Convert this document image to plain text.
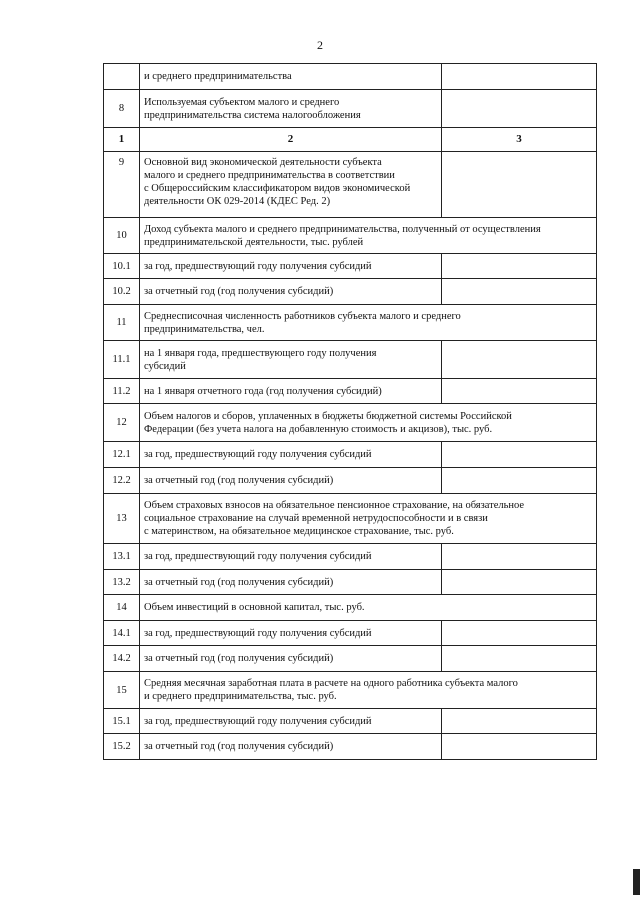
2
	и среднего предпринимательства	
8	Используемая субъектом малого и среднего
предпринимательства система налогообложения	
1	2	3
9	Основной вид экономической деятельности субъекта
малого и среднего предпринимательства в соответствии
с Общероссийским классификатором видов экономической
деятельности ОК 029-2014 (КДЕС Ред. 2)	
10	Доход субъекта малого и среднего предпринимательства, полученный от осуществления
предпринимательской деятельности, тыс. рублей	
10.1	за год, предшествующий году получения субсидий	
10.2	за отчетный год (год получения субсидий)	
11	Среднесписочная численность работников субъекта малого и среднего
предпринимательства, чел.	
11.1	на 1 января года, предшествующего году получения
субсидий	
11.2	на 1 января отчетного года (год получения субсидий)	
12	Объем налогов и сборов, уплаченных в бюджеты бюджетной системы Российской
Федерации (без учета налога на добавленную стоимость и акцизов), тыс. руб.	
12.1	за год, предшествующий году получения субсидий	
12.2	за отчетный год (год получения субсидий)	
13	Объем страховых взносов на обязательное пенсионное страхование, на обязательное
социальное страхование на случай временной нетрудоспособности и в связи
с материнством, на обязательное медицинское страхование, тыс. руб.	
13.1	за год, предшествующий году получения субсидий	
13.2	за отчетный год (год получения субсидий)	
14	Объем инвестиций в основной капитал, тыс. руб.	
14.1	за год, предшествующий году получения субсидий	
14.2	за отчетный год (год получения субсидий)	
15	Средняя месячная заработная плата в расчете на одного работника субъекта малого
и среднего предпринимательства, тыс. руб.	
15.1	за год, предшествующий году получения субсидий	
15.2	за отчетный год (год получения субсидий)	
